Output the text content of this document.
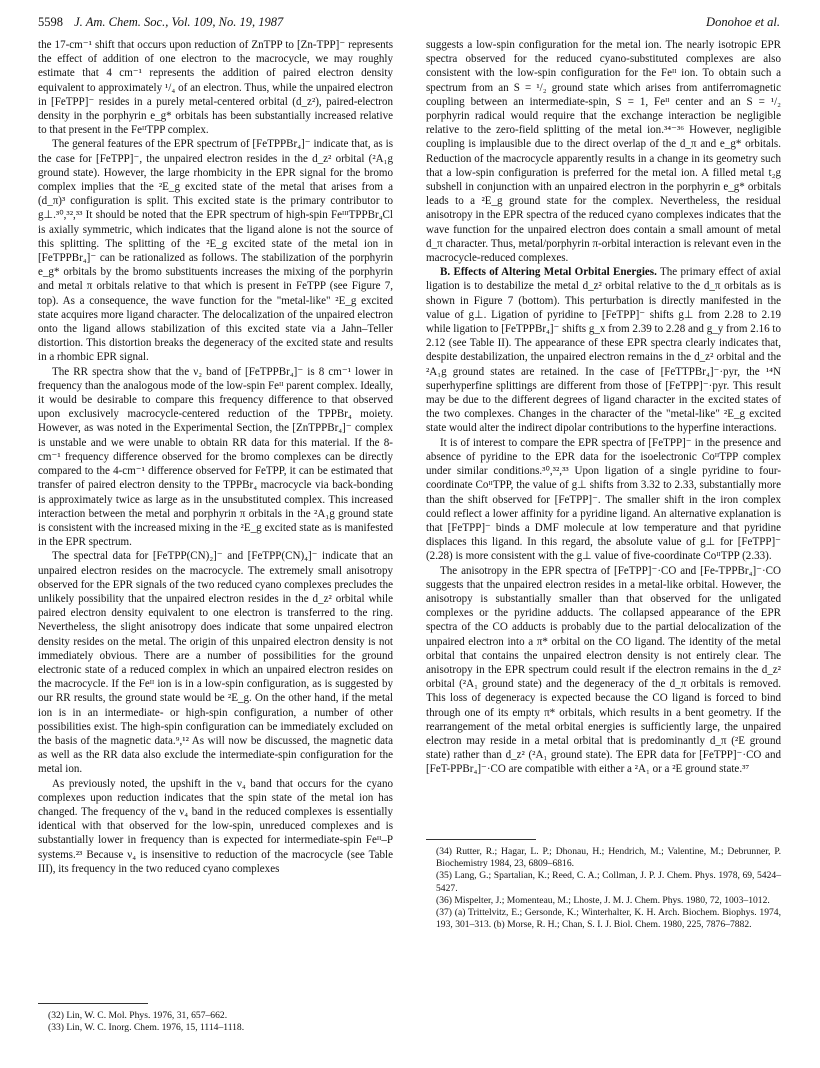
5598 J. Am. Chem. Soc., Vol. 109, No. 19, 1987	Donohoe et al.

the 17-cm⁻¹ shift that occurs upon reduction of ZnTPP to [Zn-TPP]⁻ represents the effect of addition of one electron to the macrocycle, we may roughly estimate that 4 cm⁻¹ represents the addition of paired electron density equivalent to approximately ¹/₄ of an electron. Thus, while the unpaired electron in [FeTPP]⁻ resides in a purely metal-centered orbital (d_z²), paired-electron density in the porphyrin e_g* orbitals has been substantially increased relative to that present in the FeᴵᴵTPP complex.

The general features of the EPR spectrum of [FeTPPBr₄]⁻ indicate that, as is the case for [FeTPP]⁻, the unpaired electron resides in the d_z² orbital (²A₁g ground state). However, the large rhombicity in the EPR signal for the bromo complex implies that the ²E_g excited state of the metal that arises from a (d_π)³ configuration is split. This excited state is the primary contributor to g⊥.³⁰,³²,³³ It should be noted that the EPR spectrum of high-spin FeᴵᴵᴵTPPBr₄Cl is axially symmetric, which indicates that the ligand alone is not the source of this splitting. The splitting of the ²E_g excited state of the metal ion in [FeTPPBr₄]⁻ can be rationalized as follows. The stabilization of the porphyrin e_g* orbitals by the bromo substituents increases the mixing of the porphyrin and metal π orbitals relative to that which is present in FeTPP (see Figure 7, top). As a consequence, the wave function for the "metal-like" ²E_g excited state acquires more ligand character. The delocalization of the unpaired electron onto the ligand allows stabilization of this excited state via a Jahn–Teller distortion. This distortion breaks the degeneracy of the excited state and results in a rhombic EPR signal.

The RR spectra show that the ν₂ band of [FeTPPBr₄]⁻ is 8 cm⁻¹ lower in frequency than the analogous mode of the low-spin Feᴵᴵ parent complex. Ideally, it would be desirable to compare this frequency difference to that observed upon exclusively macrocycle-centered reduction of the TPPBr₄ moiety. However, as was noted in the Experimental Section, the [ZnTPPBr₄]⁻ complex is unstable and we were unable to obtain RR data for this material. If the 8-cm⁻¹ frequency difference observed for the bromo complexes can be directly compared to the 4-cm⁻¹ difference observed for FeTPP, it can be estimated that transfer of paired electron density to the TPPBr₄ macrocycle via back-bonding is approximately twice as large as in the unsubstituted complex. This increased interaction between the metal and porphyrin π orbitals in the ²A₁g ground state is consistent with the increased mixing in the ²E_g excited state as is manifested in the EPR spectrum.

The spectral data for [FeTPP(CN)₂]⁻ and [FeTPP(CN)₄]⁻ indicate that an unpaired electron resides on the macrocycle. The extremely small anisotropy observed for the EPR signals of the two reduced cyano complexes precludes the unlikely possibility that the unpaired electron resides in the d_z² orbital while paired electron density equivalent to one electron is transferred to the ring. Nevertheless, the slight anisotropy does indicate that some unpaired electron density resides on the metal. The origin of this unpaired electron density is not immediately obvious. There are a number of possibilities for the ground electronic state of a reduced complex in which an unpaired electron resides on the macrocycle. If the Feᴵᴵ ion is in a low-spin configuration, as is suggested by our RR results, the ground state would be ²E_g. On the other hand, if the metal ion is in an intermediate- or high-spin configuration, a number of other possibilities exist. The high-spin configuration can be immediately excluded on the basis of the magnetic data.⁹,¹² As will now be discussed, the magnetic data as well as the RR data also exclude the intermediate-spin configuration for the metal ion.

As previously noted, the upshift in the ν₄ band that occurs for the cyano complexes upon reduction indicates that the spin state of the metal ion has changed. The frequency of the ν₄ band in the reduced complexes is essentially identical with that observed for the low-spin, unreduced complexes and is substantially lower in frequency than is expected for intermediate-spin Feᴵᴵ–P systems.²³ Because ν₄ is insensitive to reduction of the macrocycle (see Table III), its frequency in the two reduced cyano complexes

(32) Lin, W. C. Mol. Phys. 1976, 31, 657–662.

(33) Lin, W. C. Inorg. Chem. 1976, 15, 1114–1118.

suggests a low-spin configuration for the metal ion. The nearly isotropic EPR spectra observed for the reduced cyano-substituted complexes are also consistent with the low-spin configuration for the Feᴵᴵ ion. To obtain such a spectrum from an S = ¹/₂ ground state which arises from antiferromagnetic coupling between an intermediate-spin, S = 1, Feᴵᴵ center and an S = ¹/₂ porphyrin radical would require that the exchange interaction be negligible relative to the zero-field splitting of the metal ion.³⁴⁻³⁶ However, negligible coupling is implausible due to the direct overlap of the d_π and e_g* orbitals. Reduction of the macrocycle apparently results in a change in its geometry such that a low-spin configuration is preferred for the metal ion. A filled metal t₂g subshell in conjunction with an unpaired electron in the porphyrin e_g* orbitals leads to a ²E_g ground state for the complex. Nevertheless, the residual anisotropy in the EPR spectra of the reduced cyano complexes indicates that the wave function for the unpaired electron does contain a small amount of metal d_π character. Thus, metal/porphyrin π-orbital interaction is relevant even in the macrocycle-reduced complexes.

B. Effects of Altering Metal Orbital Energies. The primary effect of axial ligation is to destabilize the metal d_z² orbital relative to the d_π orbitals as is shown in Figure 7 (bottom). This perturbation is directly manifested in the value of g⊥. Ligation of pyridine to [FeTPP]⁻ shifts g⊥ from 2.28 to 2.19 while ligation to [FeTPPBr₄]⁻ shifts g_x from 2.39 to 2.28 and g_y from 2.16 to 2.12 (see Table II). The appearance of these EPR spectra clearly indicates that, despite destabilization, the unpaired electron remains in the d_z² orbital and the ²A₁g ground states are retained. In the case of [FeTTPBr₄]⁻·pyr, the ¹⁴N superhyperfine splittings are different from those of [FeTPP]⁻·pyr. This result may be due to the different degrees of ligand character in the excited states of the two complexes. Changes in the character of the "metal-like" ²E_g excited state would alter the indirect dipolar contributions to the hyperfine interactions.

It is of interest to compare the EPR spectra of [FeTPP]⁻ in the presence and absence of pyridine to the EPR data for the isoelectronic CoᴵᴵTPP complex under similar conditions.³⁰,³²,³³ Upon ligation of a single pyridine to four-coordinate CoᴵᴵTPP, the value of g⊥ shifts from 3.32 to 2.33, substantially more than the shift observed for [FeTPP]⁻. The smaller shift in the iron complex could reflect a lower affinity for a pyridine ligand. An alternative explanation is that [FeTPP]⁻ binds a DMF molecule at low temperature and that pyridine displaces this ligand. In this regard, the absolute value of g⊥ for [FeTPP]⁻ (2.28) is more consistent with the g⊥ value of five-coordinate CoᴵᴵTPP (2.33).

The anisotropy in the EPR spectra of [FeTPP]⁻·CO and [Fe-TPPBr₄]⁻·CO suggests that the unpaired electron resides in a metal-like orbital. However, the anisotropy is substantially smaller than that observed for the unligated complexes or the pyridine adducts. The collapsed appearance of the EPR spectra of the CO adducts is probably due to the partial delocalization of the unpaired electron into a π* orbital on the CO ligand. The identity of the metal orbital that contains the unpaired electron density is not entirely clear. The anisotropy in the EPR spectrum could result if the electron remains in the d_z² orbital (²A₁ ground state) and the degeneracy of the d_π orbitals is removed. This loss of degeneracy is expected because the CO ligand is forced to bind through one of its empty π* orbitals, which results in a bent geometry. If the rearrangement of the metal orbital energies is sufficiently large, the unpaired electron may reside in a metal orbital that is predominantly d_π (²E ground state) rather than d_z² (²A₁ ground state). The EPR data for [FeTPP]⁻·CO and [FeT-PPBr₄]⁻·CO are compatible with either a ²A₁ or a ²E ground state.³⁷

(34) Rutter, R.; Hagar, L. P.; Dhonau, H.; Hendrich, M.; Valentine, M.; Debrunner, P. Biochemistry 1984, 23, 6809–6816.

(35) Lang, G.; Spartalian, K.; Reed, C. A.; Collman, J. P. J. Chem. Phys. 1978, 69, 5424–5427.

(36) Mispelter, J.; Momenteau, M.; Lhoste, J. M. J. Chem. Phys. 1980, 72, 1003–1012.

(37) (a) Trittelvitz, E.; Gersonde, K.; Winterhalter, K. H. Arch. Biochem. Biophys. 1974, 193, 301–313. (b) Morse, R. H.; Chan, S. I. J. Biol. Chem. 1980, 225, 7876–7882.
